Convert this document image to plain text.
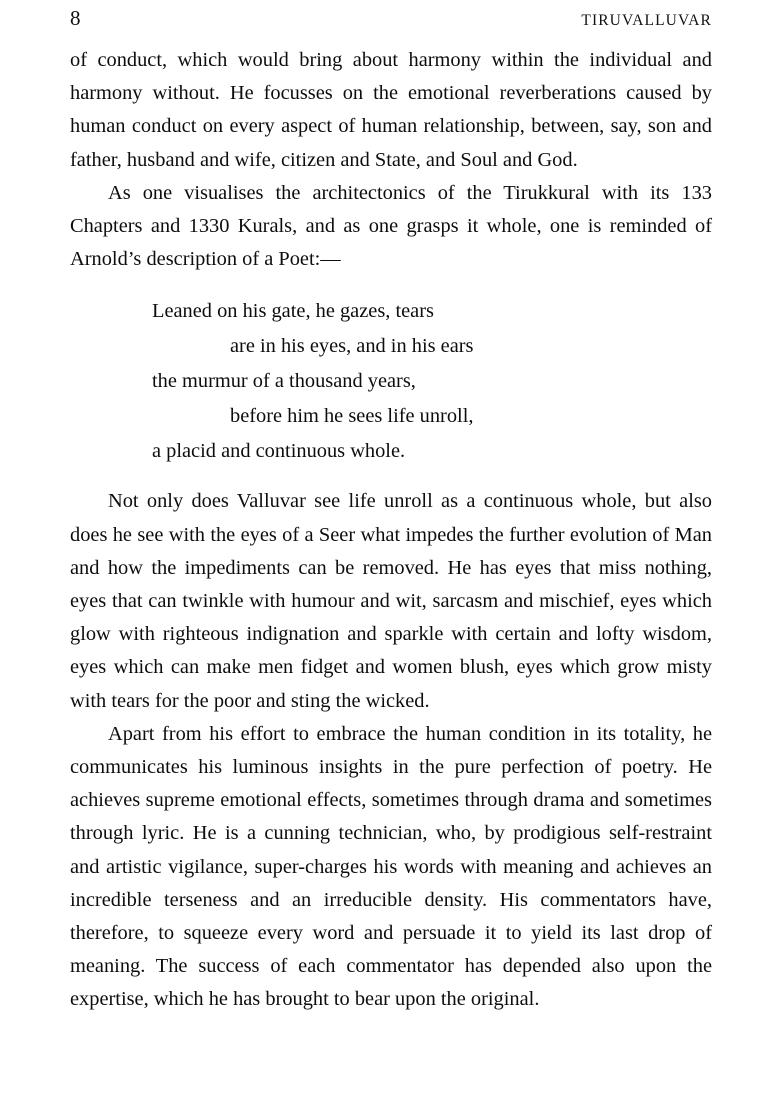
8	TIRUVALLUVAR

of conduct, which would bring about harmony within the individual and harmony without. He focusses on the emotional reverberations caused by human conduct on every aspect of human relationship, between, say, son and father, husband and wife, citizen and State, and Soul and God.

As one visualises the architectonics of the Tirukkural with its 133 Chapters and 1330 Kurals, and as one grasps it whole, one is reminded of Arnold’s description of a Poet:—

Leaned on his gate, he gazes, tears
are in his eyes, and in his ears
the murmur of a thousand years,
before him he sees life unroll,
a placid and continuous whole.

Not only does Valluvar see life unroll as a continuous whole, but also does he see with the eyes of a Seer what impedes the further evolution of Man and how the impediments can be removed. He has eyes that miss nothing, eyes that can twinkle with humour and wit, sarcasm and mischief, eyes which glow with righteous indignation and sparkle with certain and lofty wisdom, eyes which can make men fidget and women blush, eyes which grow misty with tears for the poor and sting the wicked.

Apart from his effort to embrace the human condition in its totality, he communicates his luminous insights in the pure perfection of poetry. He achieves supreme emotional effects, sometimes through drama and sometimes through lyric. He is a cunning technician, who, by prodigious self-restraint and artistic vigilance, super-charges his words with meaning and achieves an incredible terseness and an irreducible density. His commentators have, therefore, to squeeze every word and persuade it to yield its last drop of meaning. The success of each commentator has depended also upon the expertise, which he has brought to bear upon the original.
